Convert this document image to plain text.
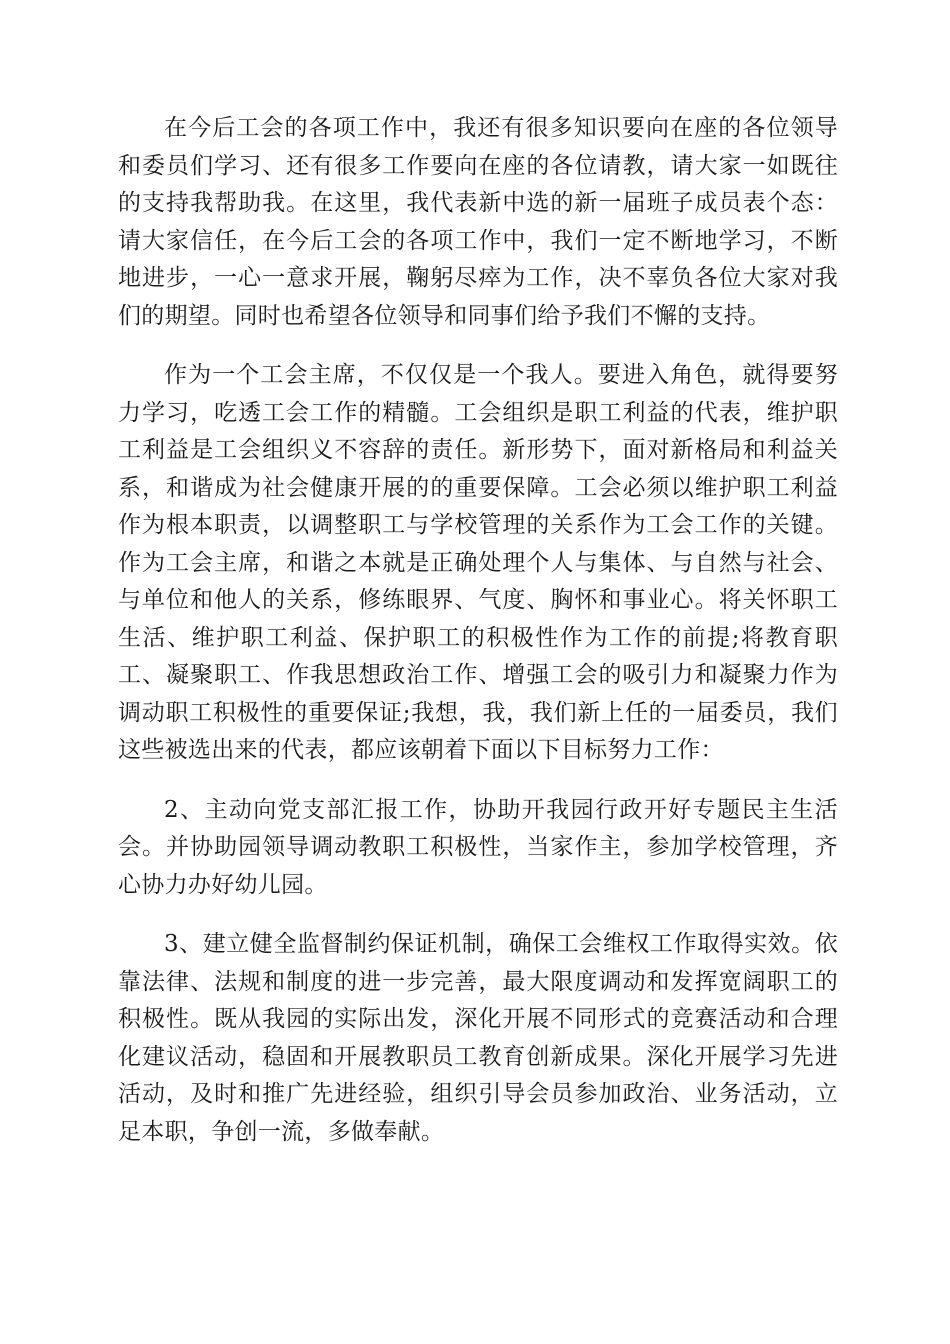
在今后工会的各项工作中，我还有很多知识要向在座的各位领导和委员们学习、还有很多工作要向在座的各位请教，请大家一如既往的支持我帮助我。在这里，我代表新中选的新一届班子成员表个态：请大家信任，在今后工会的各项工作中，我们一定不断地学习，不断地进步，一心一意求开展，鞠躬尽瘁为工作，决不辜负各位大家对我们的期望。同时也希望各位领导和同事们给予我们不懈的支持。

作为一个工会主席，不仅仅是一个我人。要进入角色，就得要努力学习，吃透工会工作的精髓。工会组织是职工利益的代表，维护职工利益是工会组织义不容辞的责任。新形势下，面对新格局和利益关系，和谐成为社会健康开展的的重要保障。工会必须以维护职工利益作为根本职责，以调整职工与学校管理的关系作为工会工作的关键。作为工会主席，和谐之本就是正确处理个人与集体、与自然与社会、与单位和他人的关系，修练眼界、气度、胸怀和事业心。将关怀职工生活、维护职工利益、保护职工的积极性作为工作的前提;将教育职工、凝聚职工、作我思想政治工作、增强工会的吸引力和凝聚力作为调动职工积极性的重要保证;我想，我，我们新上任的一届委员，我们这些被选出来的代表，都应该朝着下面以下目标努力工作：

2、主动向党支部汇报工作，协助开我园行政开好专题民主生活会。并协助园领导调动教职工积极性，当家作主，参加学校管理，齐心协力办好幼儿园。

3、建立健全监督制约保证机制，确保工会维权工作取得实效。依靠法律、法规和制度的进一步完善，最大限度调动和发挥宽阔职工的积极性。既从我园的实际出发，深化开展不同形式的竞赛活动和合理化建议活动，稳固和开展教职员工教育创新成果。深化开展学习先进活动，及时和推广先进经验，组织引导会员参加政治、业务活动，立足本职，争创一流，多做奉献。
